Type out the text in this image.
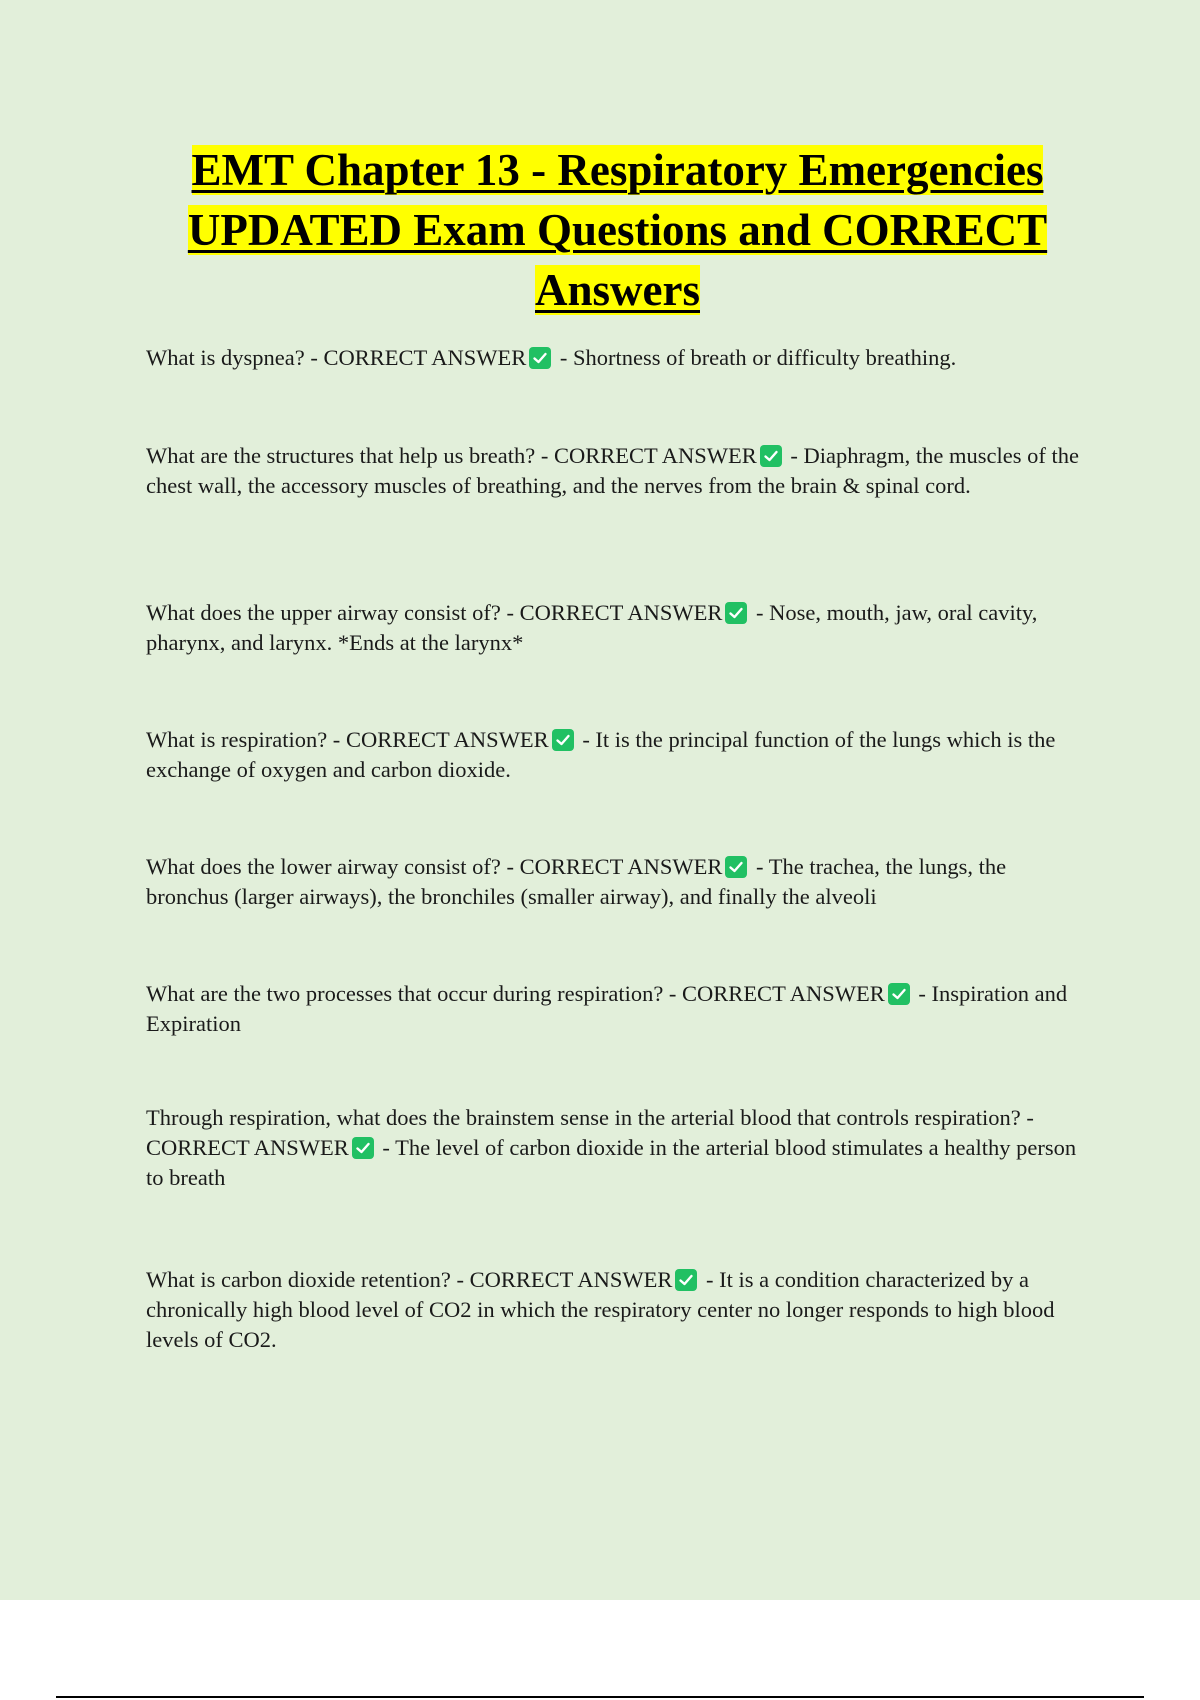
EMT Chapter 13 - Respiratory Emergencies
UPDATED Exam Questions and CORRECT
Answers
What is dyspnea? - CORRECT ANSWER
- Shortness of breath or difficulty breathing.
What are the structures that help us breath? - CORRECT ANSWER
- Diaphragm, the muscles of the chest wall, the accessory muscles of breathing, and the nerves from the brain & spinal cord.
What does the upper airway consist of? - CORRECT ANSWER
- Nose, mouth, jaw, oral cavity, pharynx, and larynx. *Ends at the larynx*
What is respiration? - CORRECT ANSWER
- It is the principal function of the lungs which is the exchange of oxygen and carbon dioxide.
What does the lower airway consist of? - CORRECT ANSWER
- The trachea, the lungs, the bronchus (larger airways), the bronchiles (smaller airway), and finally the alveoli
What are the two processes that occur during respiration? - CORRECT ANSWER
- Inspiration and Expiration
Through respiration, what does the brainstem sense in the arterial blood that controls respiration? - CORRECT ANSWER
- The level of carbon dioxide in the arterial blood stimulates a healthy person to breath
What is carbon dioxide retention? - CORRECT ANSWER
- It is a condition characterized by a chronically high blood level of CO2 in which the respiratory center no longer responds to high blood levels of CO2.
